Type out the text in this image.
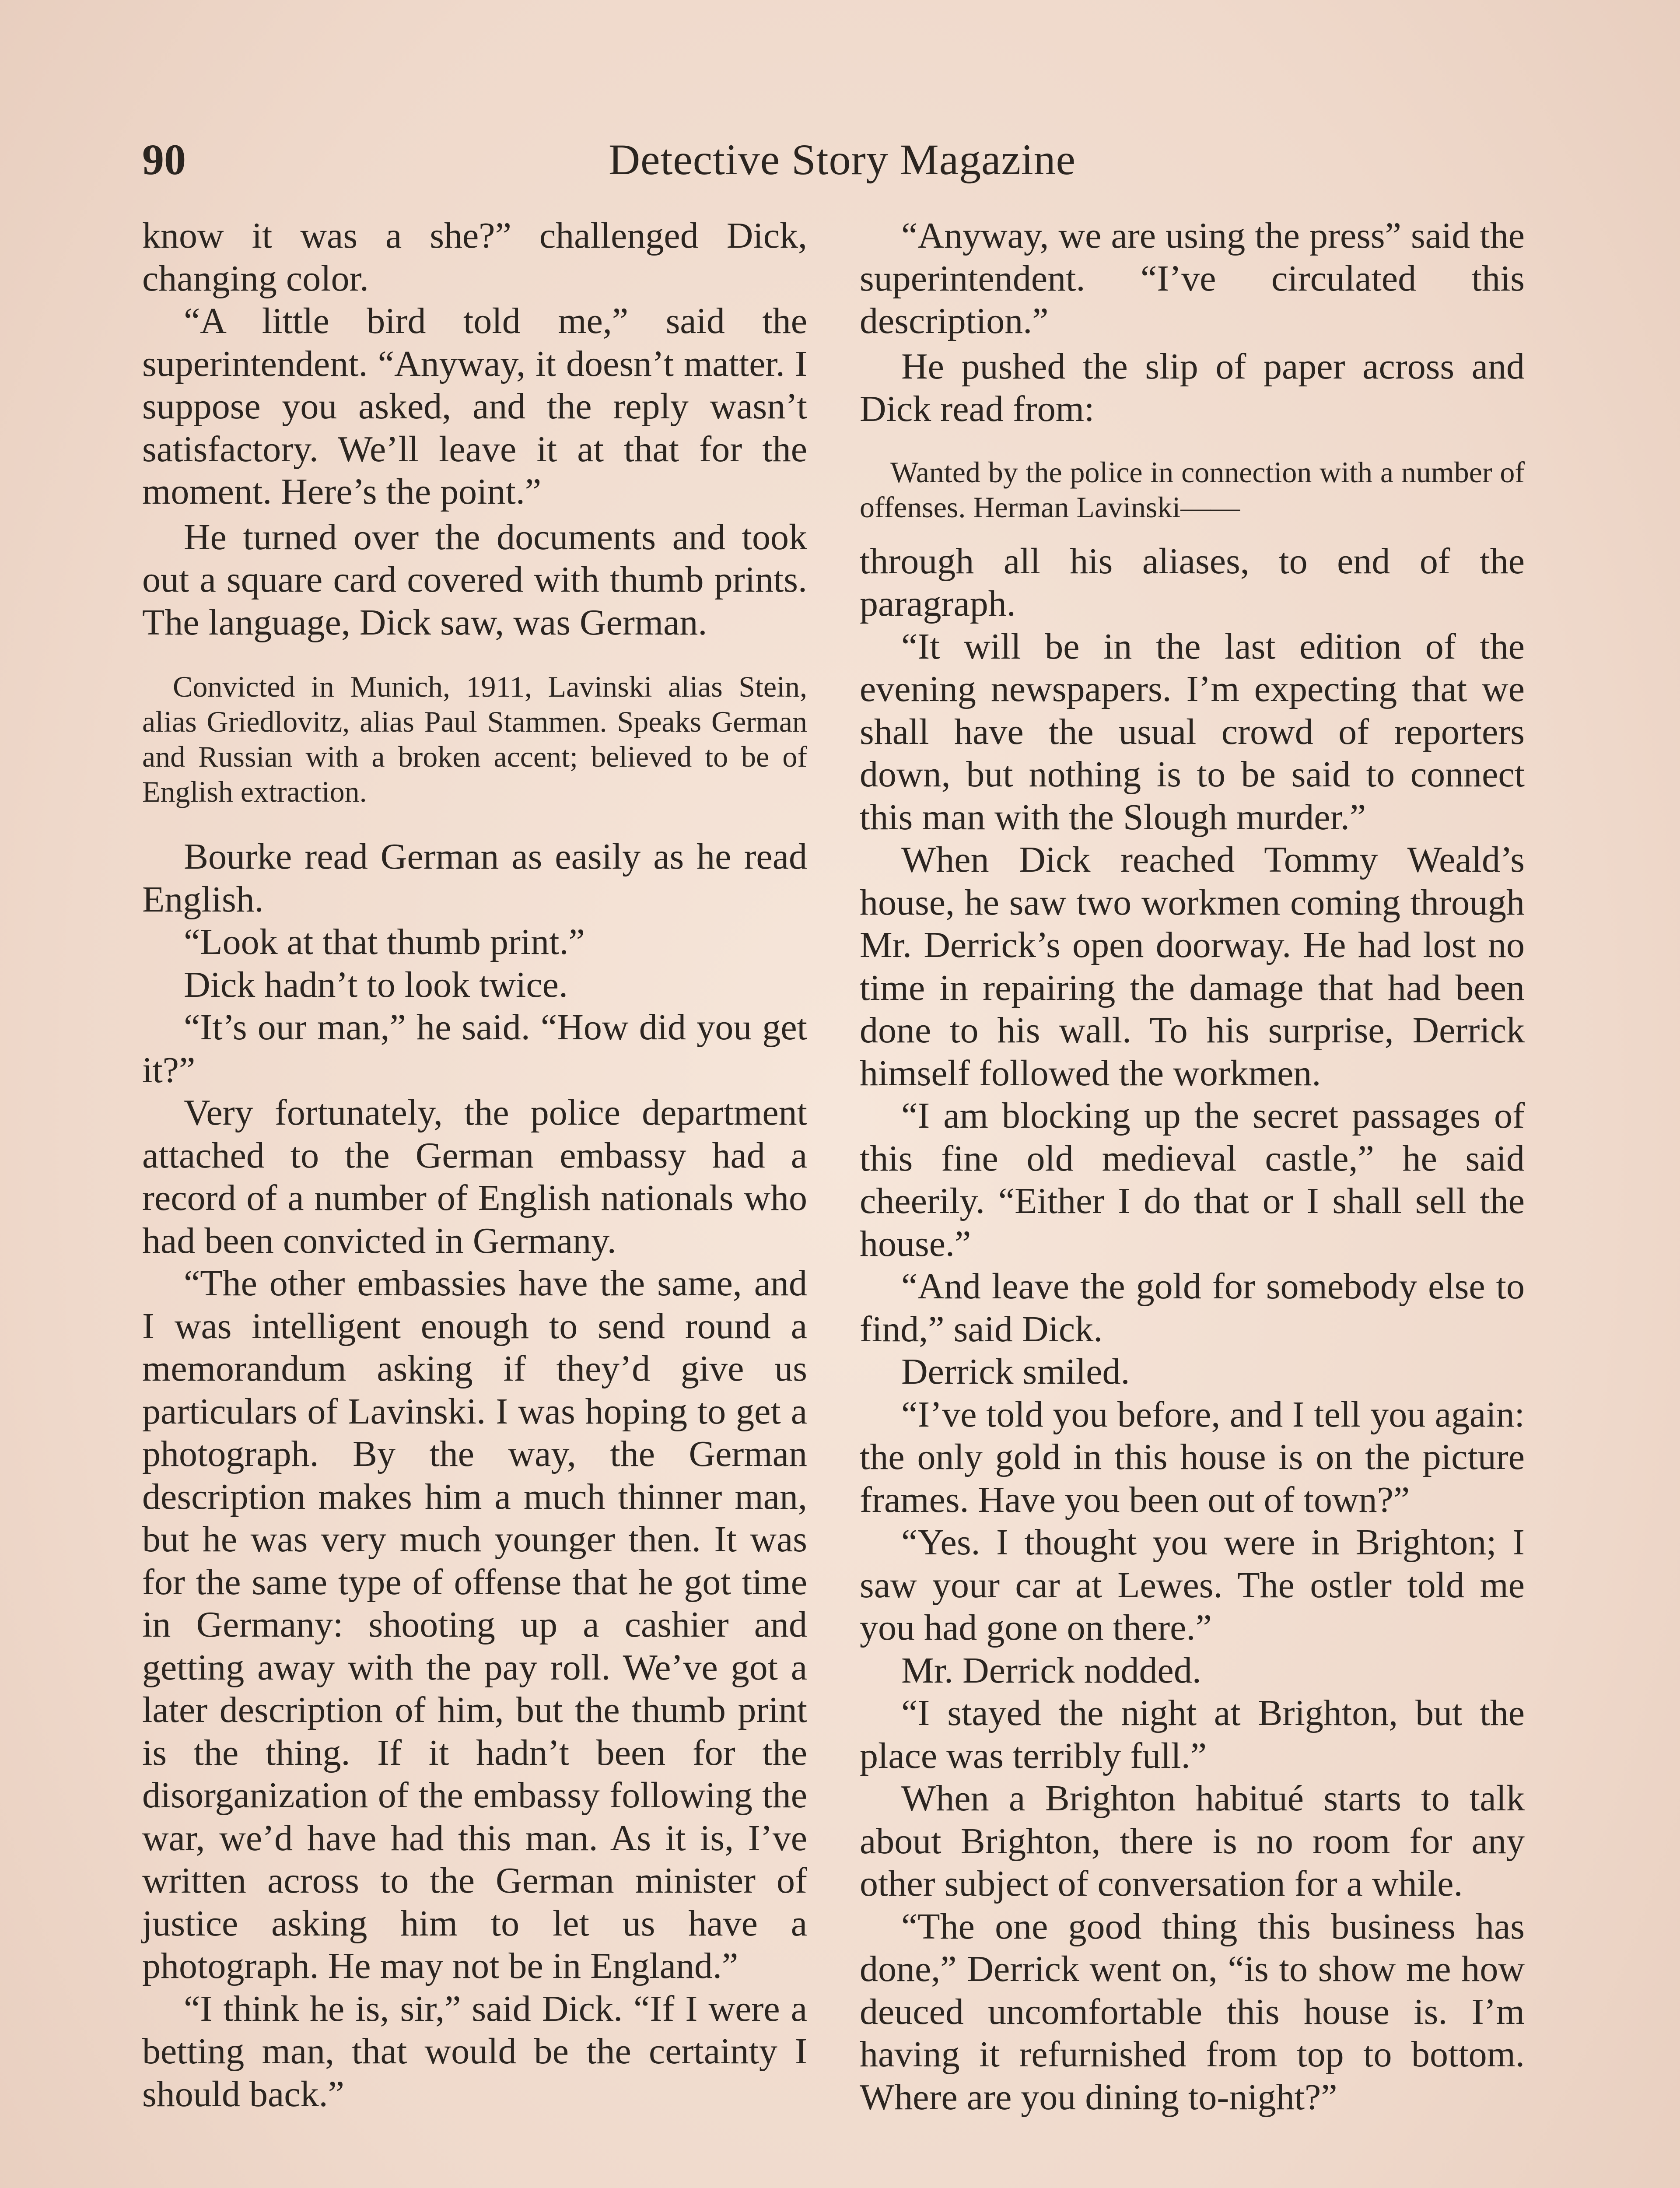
90	Detective Story Magazine

know it was a she?” challenged Dick, changing color.

“A little bird told me,” said the superintendent. “Anyway, it doesn’t matter. I suppose you asked, and the reply wasn’t satisfactory. We’ll leave it at that for the moment. Here’s the point.”

He turned over the documents and took out a square card covered with thumb prints. The language, Dick saw, was German.

Convicted in Munich, 1911, Lavinski alias Stein, alias Griedlovitz, alias Paul Stammen. Speaks German and Russian with a broken accent; believed to be of English extraction.

Bourke read German as easily as he read English.

“Look at that thumb print.”

Dick hadn’t to look twice.

“It’s our man,” he said. “How did you get it?”

Very fortunately, the police department attached to the German embassy had a record of a number of English nationals who had been convicted in Germany.

“The other embassies have the same, and I was intelligent enough to send round a memorandum asking if they’d give us particulars of Lavinski. I was hoping to get a photograph. By the way, the German description makes him a much thinner man, but he was very much younger then. It was for the same type of offense that he got time in Germany: shooting up a cashier and getting away with the pay roll. We’ve got a later description of him, but the thumb print is the thing. If it hadn’t been for the disorganization of the embassy following the war, we’d have had this man. As it is, I’ve written across to the German minister of justice asking him to let us have a photograph. He may not be in England.”

“I think he is, sir,” said Dick. “If I were a betting man, that would be the certainty I should back.”

“Anyway, we are using the press” said the superintendent. “I’ve circulated this description.”

He pushed the slip of paper across and Dick read from:

Wanted by the police in connection with a number of offenses. Herman Lavinski——

through all his aliases, to end of the paragraph.

“It will be in the last edition of the evening newspapers. I’m expecting that we shall have the usual crowd of reporters down, but nothing is to be said to connect this man with the Slough murder.”

When Dick reached Tommy Weald’s house, he saw two workmen coming through Mr. Derrick’s open doorway. He had lost no time in repairing the damage that had been done to his wall. To his surprise, Derrick himself followed the workmen.

“I am blocking up the secret passages of this fine old medieval castle,” he said cheerily. “Either I do that or I shall sell the house.”

“And leave the gold for somebody else to find,” said Dick.

Derrick smiled.

“I’ve told you before, and I tell you again: the only gold in this house is on the picture frames. Have you been out of town?”

“Yes. I thought you were in Brighton; I saw your car at Lewes. The ostler told me you had gone on there.”

Mr. Derrick nodded.

“I stayed the night at Brighton, but the place was terribly full.”

When a Brighton habitué starts to talk about Brighton, there is no room for any other subject of conversation for a while.

“The one good thing this business has done,” Derrick went on, “is to show me how deuced uncomfortable this house is. I’m having it refurnished from top to bottom. Where are you dining to-night?”
